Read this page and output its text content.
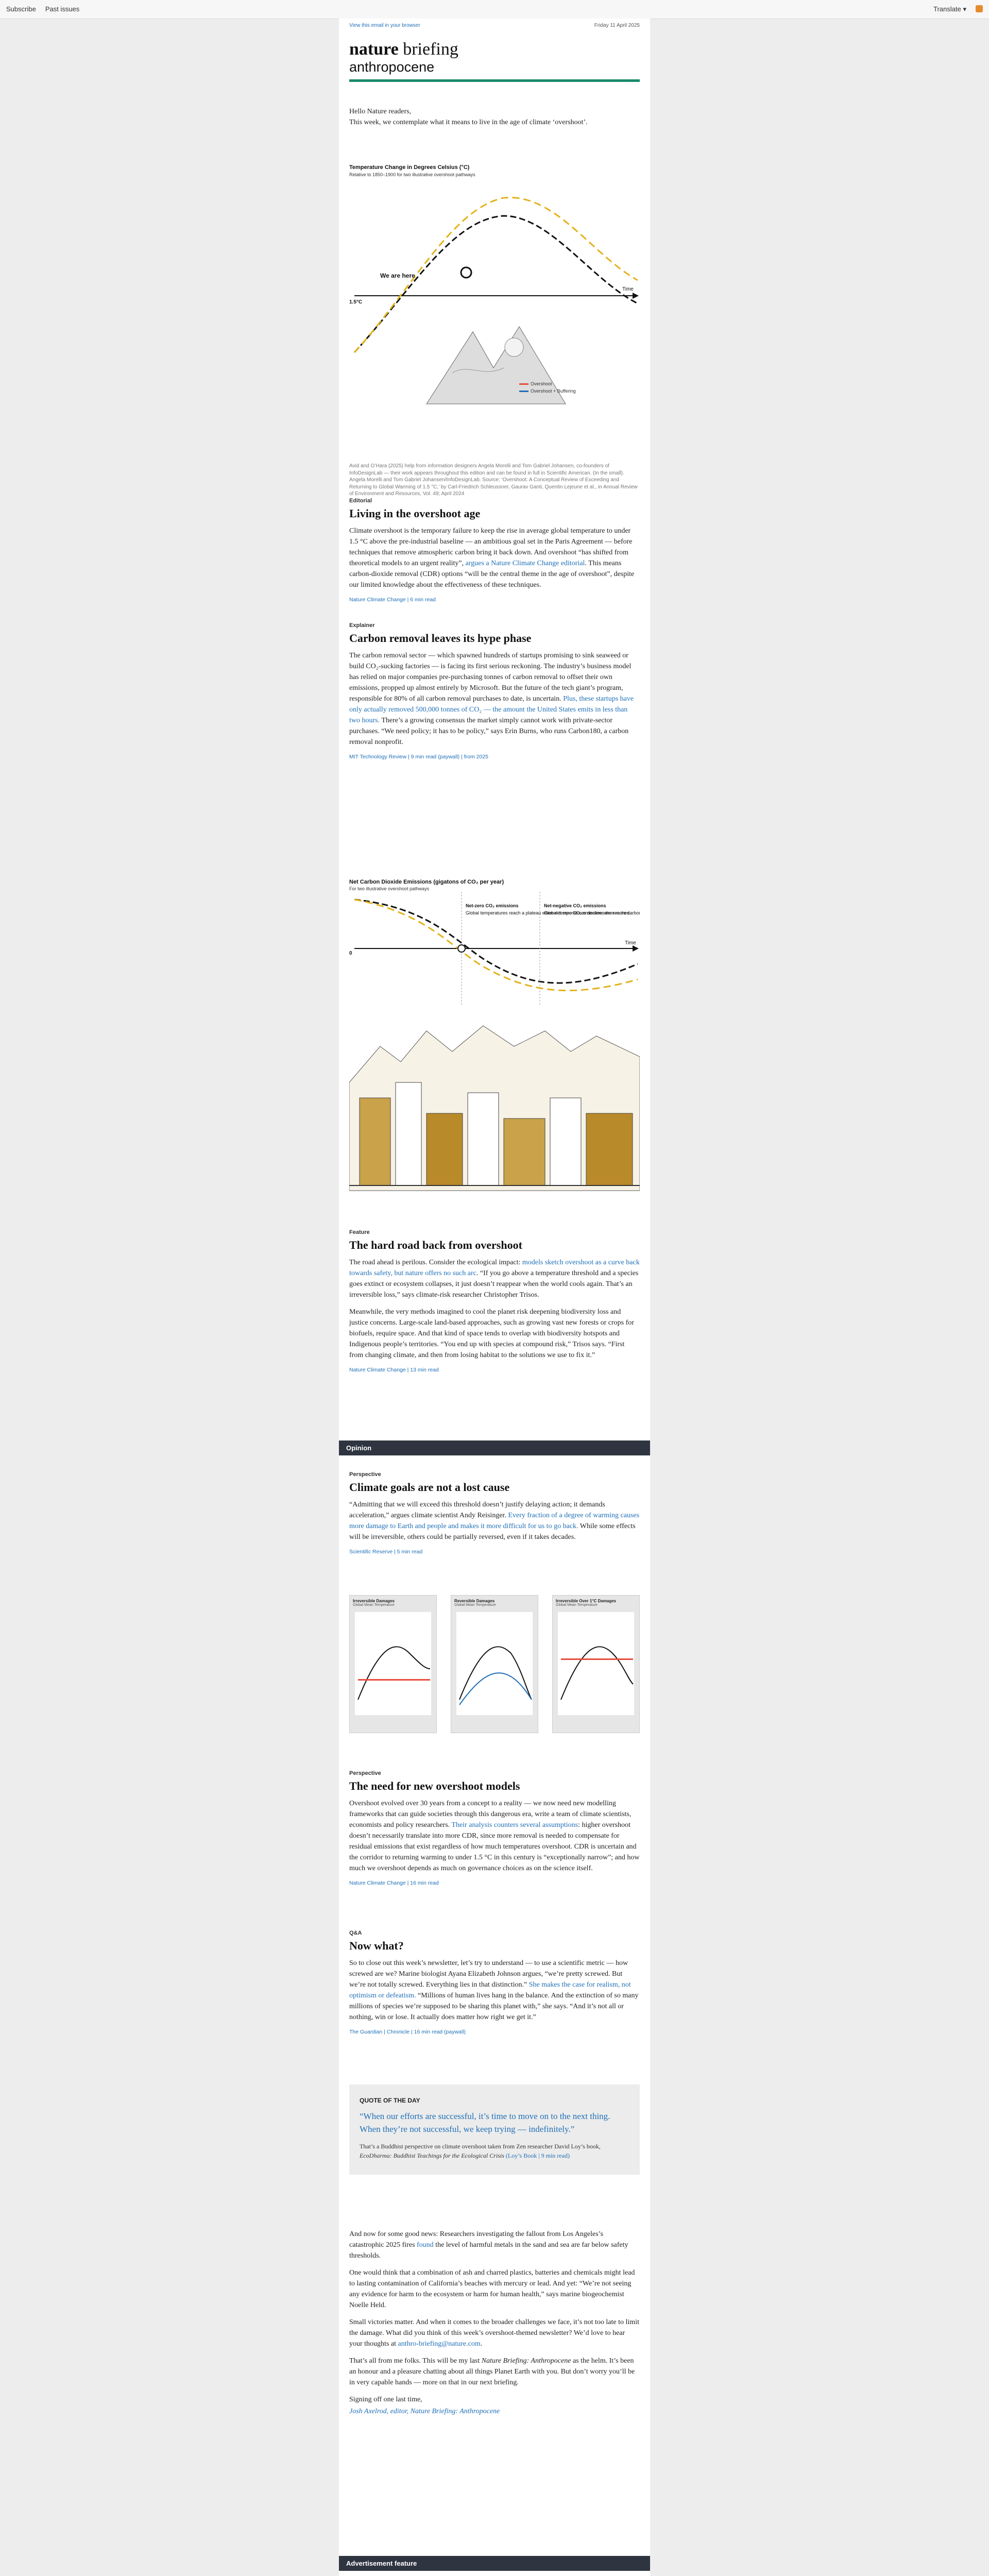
Subscribe Past issues	Translate ▾
View this email in your browser	Friday 11 April 2025
nature briefing
anthropocene

Hello Nature readers,

This week, we contemplate what it means to live in the age of climate ‘overshoot’.

Temperature Change in Degrees Celsius (°C)
Relative to 1850–1900 for two illustrative overshoot pathways
Time
1.5°C
We are here
Overshoot
Overshoot + Buffering
Avid and O’Hara (2025) help from information designers Angela Morelli and Tom Gabriel Johansen, co-founders of InfoDesignLab — their work appears throughout this edition and can be found in full in Scientific American. (In the small). Angela Morelli and Tom Gabriel Johansen/InfoDesignLab. Source: ‘Overshoot: A Conceptual Review of Exceeding and Returning to Global Warming of 1.5 °C,’ by Carl-Friedrich Schleussner, Gaurav Ganti, Quentin Lejeune et al., in Annual Review of Environment and Resources, Vol. 49; April 2024
Editorial
Living in the overshoot age

Climate overshoot is the temporary failure to keep the rise in average global temperature to under 1.5 °C above the pre-industrial baseline — an ambitious goal set in the Paris Agreement — before techniques that remove atmospheric carbon bring it back down. And overshoot “has shifted from theoretical models to an urgent reality”, argues a Nature Climate Change editorial. This means carbon-dioxide removal (CDR) options “will be the central theme in the age of overshoot”, despite our limited knowledge about the effectiveness of these techniques.

Nature Climate Change | 6 min read
Explainer
Carbon removal leaves its hype phase

The carbon removal sector — which spawned hundreds of startups promising to sink seaweed or build CO₂-sucking factories — is facing its first serious reckoning. The industry’s business model has relied on major companies pre-purchasing tonnes of carbon removal to offset their own emissions, propped up almost entirely by Microsoft. But the future of the tech giant’s program, responsible for 80% of all carbon removal purchases to date, is uncertain. Plus, these startups have only actually removed 500,000 tonnes of CO₂ — the amount the United States emits in less than two hours. There’s a growing consensus the market simply cannot work with private-sector purchases. “We need policy; it has to be policy,” says Erin Burns, who runs Carbon180, a carbon removal nonprofit.

MIT Technology Review | 9 min read (paywall) | from 2025
Net Carbon Dioxide Emissions (gigatons of CO₂ per year)
For two illustrative overshoot pathways
Time
0
Net-zero CO₂ emissions
Global temperatures reach a plateau when net-zero CO₂ emissions are reached.
Net-negative CO₂ emissions
Global temperatures decline when more carbo
Feature
The hard road back from overshoot

The road ahead is perilous. Consider the ecological impact: models sketch overshoot as a curve back towards safety, but nature offers no such arc. “If you go above a temperature threshold and a species goes extinct or ecosystem collapses, it just doesn’t reappear when the world cools again. That’s an irreversible loss,” says climate-risk researcher Christopher Trisos.

Meanwhile, the very methods imagined to cool the planet risk deepening biodiversity loss and justice concerns. Large-scale land-based approaches, such as growing vast new forests or crops for biofuels, require space. And that kind of space tends to overlap with biodiversity hotspots and Indigenous people’s territories. “You end up with species at compound risk,” Trisos says. “First from changing climate, and then from losing habitat to the solutions we use to fix it.”

Nature Climate Change | 13 min read
Opinion
Perspective
Climate goals are not a lost cause

“Admitting that we will exceed this threshold doesn’t justify delaying action; it demands acceleration,” argues climate scientist Andy Reisinger. Every fraction of a degree of warming causes more damage to Earth and people and makes it more difficult for us to go back. While some effects will be irreversible, others could be partially reversed, even if it takes decades.

Scientific Reserve | 5 min read
Irreversible Damages
Global Mean Temperature
Reversible Damages
Global Mean Temperature
Irreversible Over 1°C Damages
Global Mean Temperature
Perspective
The need for new overshoot models

Overshoot evolved over 30 years from a concept to a reality — we now need new modelling frameworks that can guide societies through this dangerous era, write a team of climate scientists, economists and policy researchers. Their analysis counters several assumptions: higher overshoot doesn’t necessarily translate into more CDR, since more removal is needed to compensate for residual emissions that exist regardless of how much temperatures overshoot. CDR is uncertain and the corridor to returning warming to under 1.5 °C in this century is “exceptionally narrow”; and how much we overshoot depends as much on governance choices as on the science itself.

Nature Climate Change | 16 min read
Q&A
Now what?

So to close out this week’s newsletter, let’s try to understand — to use a scientific metric — how screwed are we? Marine biologist Ayana Elizabeth Johnson argues, “we’re pretty screwed. But we’re not totally screwed. Everything lies in that distinction.” She makes the case for realism, not optimism or defeatism. “Millions of human lives hang in the balance. And the extinction of so many millions of species we’re supposed to be sharing this planet with,” she says. “And it’s not all or nothing, win or lose. It actually does matter how right we get it.”

The Guardian | Chronicle | 16 min read (paywall)
QUOTE OF THE DAY
“When our efforts are successful, it’s time to move on to the next thing. When they’re not successful, we keep trying — indefinitely.”
That’s a Buddhist perspective on climate overshoot taken from Zen researcher David Loy’s book, EcoDharma: Buddhist Teachings for the Ecological Crisis (Loy’s Book | 9 min read)

And now for some good news: Researchers investigating the fallout from Los Angeles’s catastrophic 2025 fires found the level of harmful metals in the sand and sea are far below safety thresholds.

One would think that a combination of ash and charred plastics, batteries and chemicals might lead to lasting contamination of California’s beaches with mercury or lead. And yet: “We’re not seeing any evidence for harm to the ecosystem or harm for human health,” says marine biogeochemist Noelle Held.

Small victories matter. And when it comes to the broader challenges we face, it’s not too late to limit the damage. What did you think of this week’s overshoot-themed newsletter? We’d love to hear your thoughts at anthro-briefing@nature.com.

That’s all from me folks. This will be my last Nature Briefing: Anthropocene as the helm. It’s been an honour and a pleasure chatting about all things Planet Earth with you. But don’t worry you’ll be in very capable hands — more on that in our next briefing.

Signing off one last time,

Josh Axelrod, editor, Nature Briefing: Anthropocene

Advertisement feature
